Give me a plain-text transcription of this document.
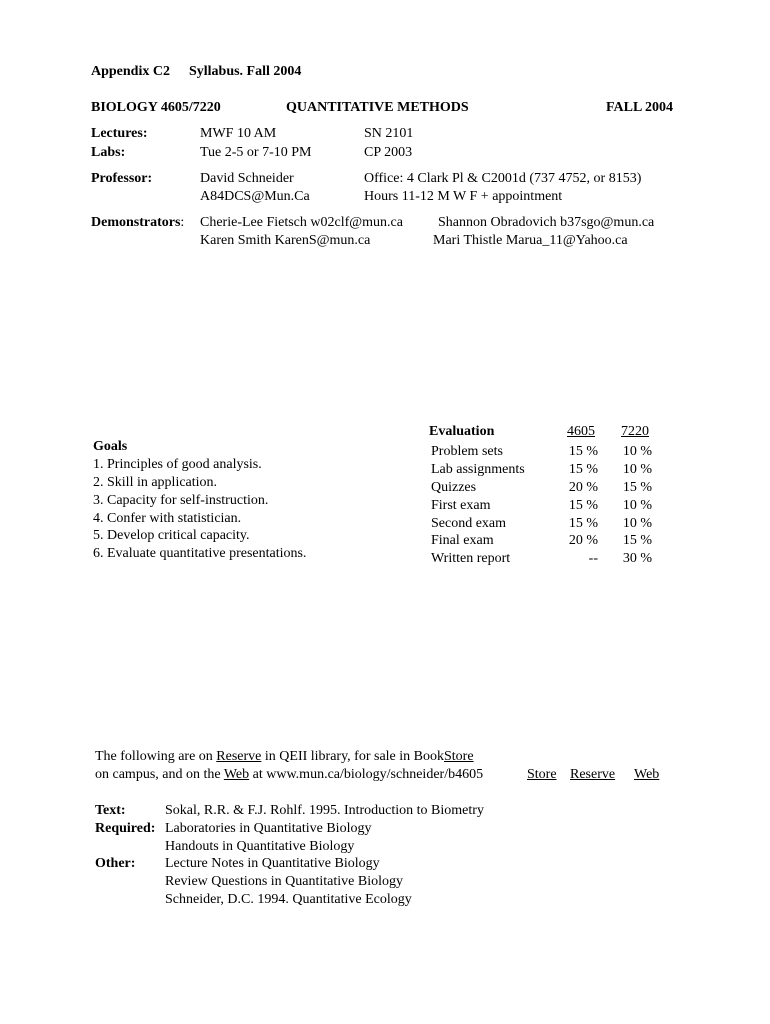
Appendix C2 Syllabus. Fall 2004
BIOLOGY 4605/7220	QUANTITATIVE METHODS	FALL 2004
Lectures:	MWF 10 AM	SN 2101
Labs:	Tue 2-5 or 7-10 PM	CP 2003
Professor:	David Schneider
A84DCS@Mun.Ca
Office: 4 Clark Pl & C2001d (737 4752, or 8153)
Hours 11-12 M W F + appointment
Demonstrators: Cherie-Lee Fietsch w02clf@mun.ca	Shannon Obradovich b37sgo@mun.ca
Karen Smith KarenS@mun.ca	Mari Thistle Marua_11@Yahoo.ca
Goals
1. Principles of good analysis.
2. Skill in application.
3. Capacity for self-instruction.
4. Confer with statistician.
5. Develop critical capacity.
6. Evaluate quantitative presentations.
Evaluation	4605 7220
Problem sets	15 %	10 %
Lab assignments	15 %	10 %
Quizzes	20 %	15 %
First exam	15 %	10 %
Second exam	15 %	10 %
Final exam	20 %	15 %
Written report	--	30 %
The following are on Reserve in QEII library, for sale in BookStore
on campus, and on the Web at www.mun.ca/biology/schneider/b4605	Store Reserve Web
Text:	Sokal, R.R. & F.J. Rohlf. 1995. Introduction to Biometry
Required: Laboratories in Quantitative Biology
Handouts in Quantitative Biology
Other: Lecture Notes in Quantitative Biology
Review Questions in Quantitative Biology
Schneider, D.C. 1994. Quantitative Ecology
